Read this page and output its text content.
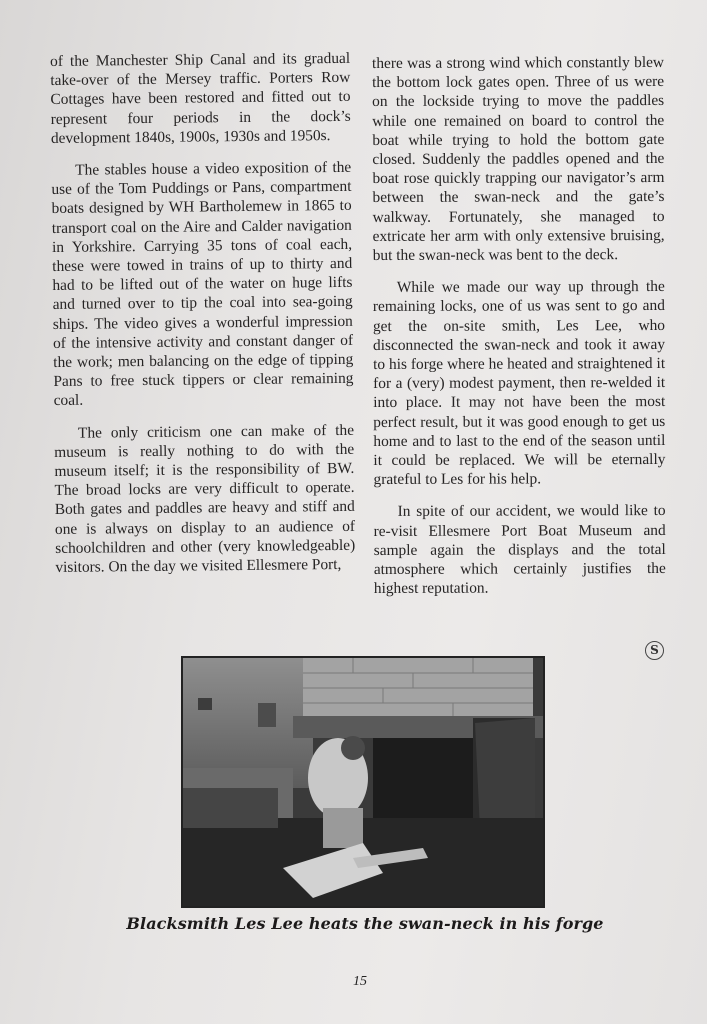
of the Manchester Ship Canal and its gradual take-over of the Mersey traffic. Porters Row Cottages have been restored and fitted out to represent four periods in the dock’s development 1840s, 1900s, 1930s and 1950s.

The stables house a video exposition of the use of the Tom Puddings or Pans, compartment boats designed by WH Bartholemew in 1865 to transport coal on the Aire and Calder navigation in Yorkshire. Carrying 35 tons of coal each, these were towed in trains of up to thirty and had to be lifted out of the water on huge lifts and turned over to tip the coal into sea-going ships. The video gives a wonderful impression of the intensive activity and constant danger of the work; men balancing on the edge of tipping Pans to free stuck tippers or clear remaining coal.

The only criticism one can make of the museum is really nothing to do with the museum itself; it is the responsibility of BW. The broad locks are very difficult to operate. Both gates and paddles are heavy and stiff and one is always on display to an audience of schoolchildren and other (very knowledgeable) visitors. On the day we visited Ellesmere Port,

there was a strong wind which constantly blew the bottom lock gates open. Three of us were on the lockside trying to move the paddles while one remained on board to control the boat while trying to hold the bottom gate closed. Suddenly the paddles opened and the boat rose quickly trapping our navigator’s arm between the swan-neck and the gate’s walkway. Fortunately, she managed to extricate her arm with only extensive bruising, but the swan-neck was bent to the deck.

While we made our way up through the remaining locks, one of us was sent to go and get the on-site smith, Les Lee, who disconnected the swan-neck and took it away to his forge where he heated and straightened it for a (very) modest payment, then re-welded it into place. It may not have been the most perfect result, but it was good enough to get us home and to last to the end of the season until it could be replaced. We will be eternally grateful to Les for his help.

In spite of our accident, we would like to re-visit Ellesmere Port Boat Museum and sample again the displays and the total atmosphere which certainly justifies the highest reputation.

S
Blacksmith Les Lee heats the swan-neck in his forge
15
